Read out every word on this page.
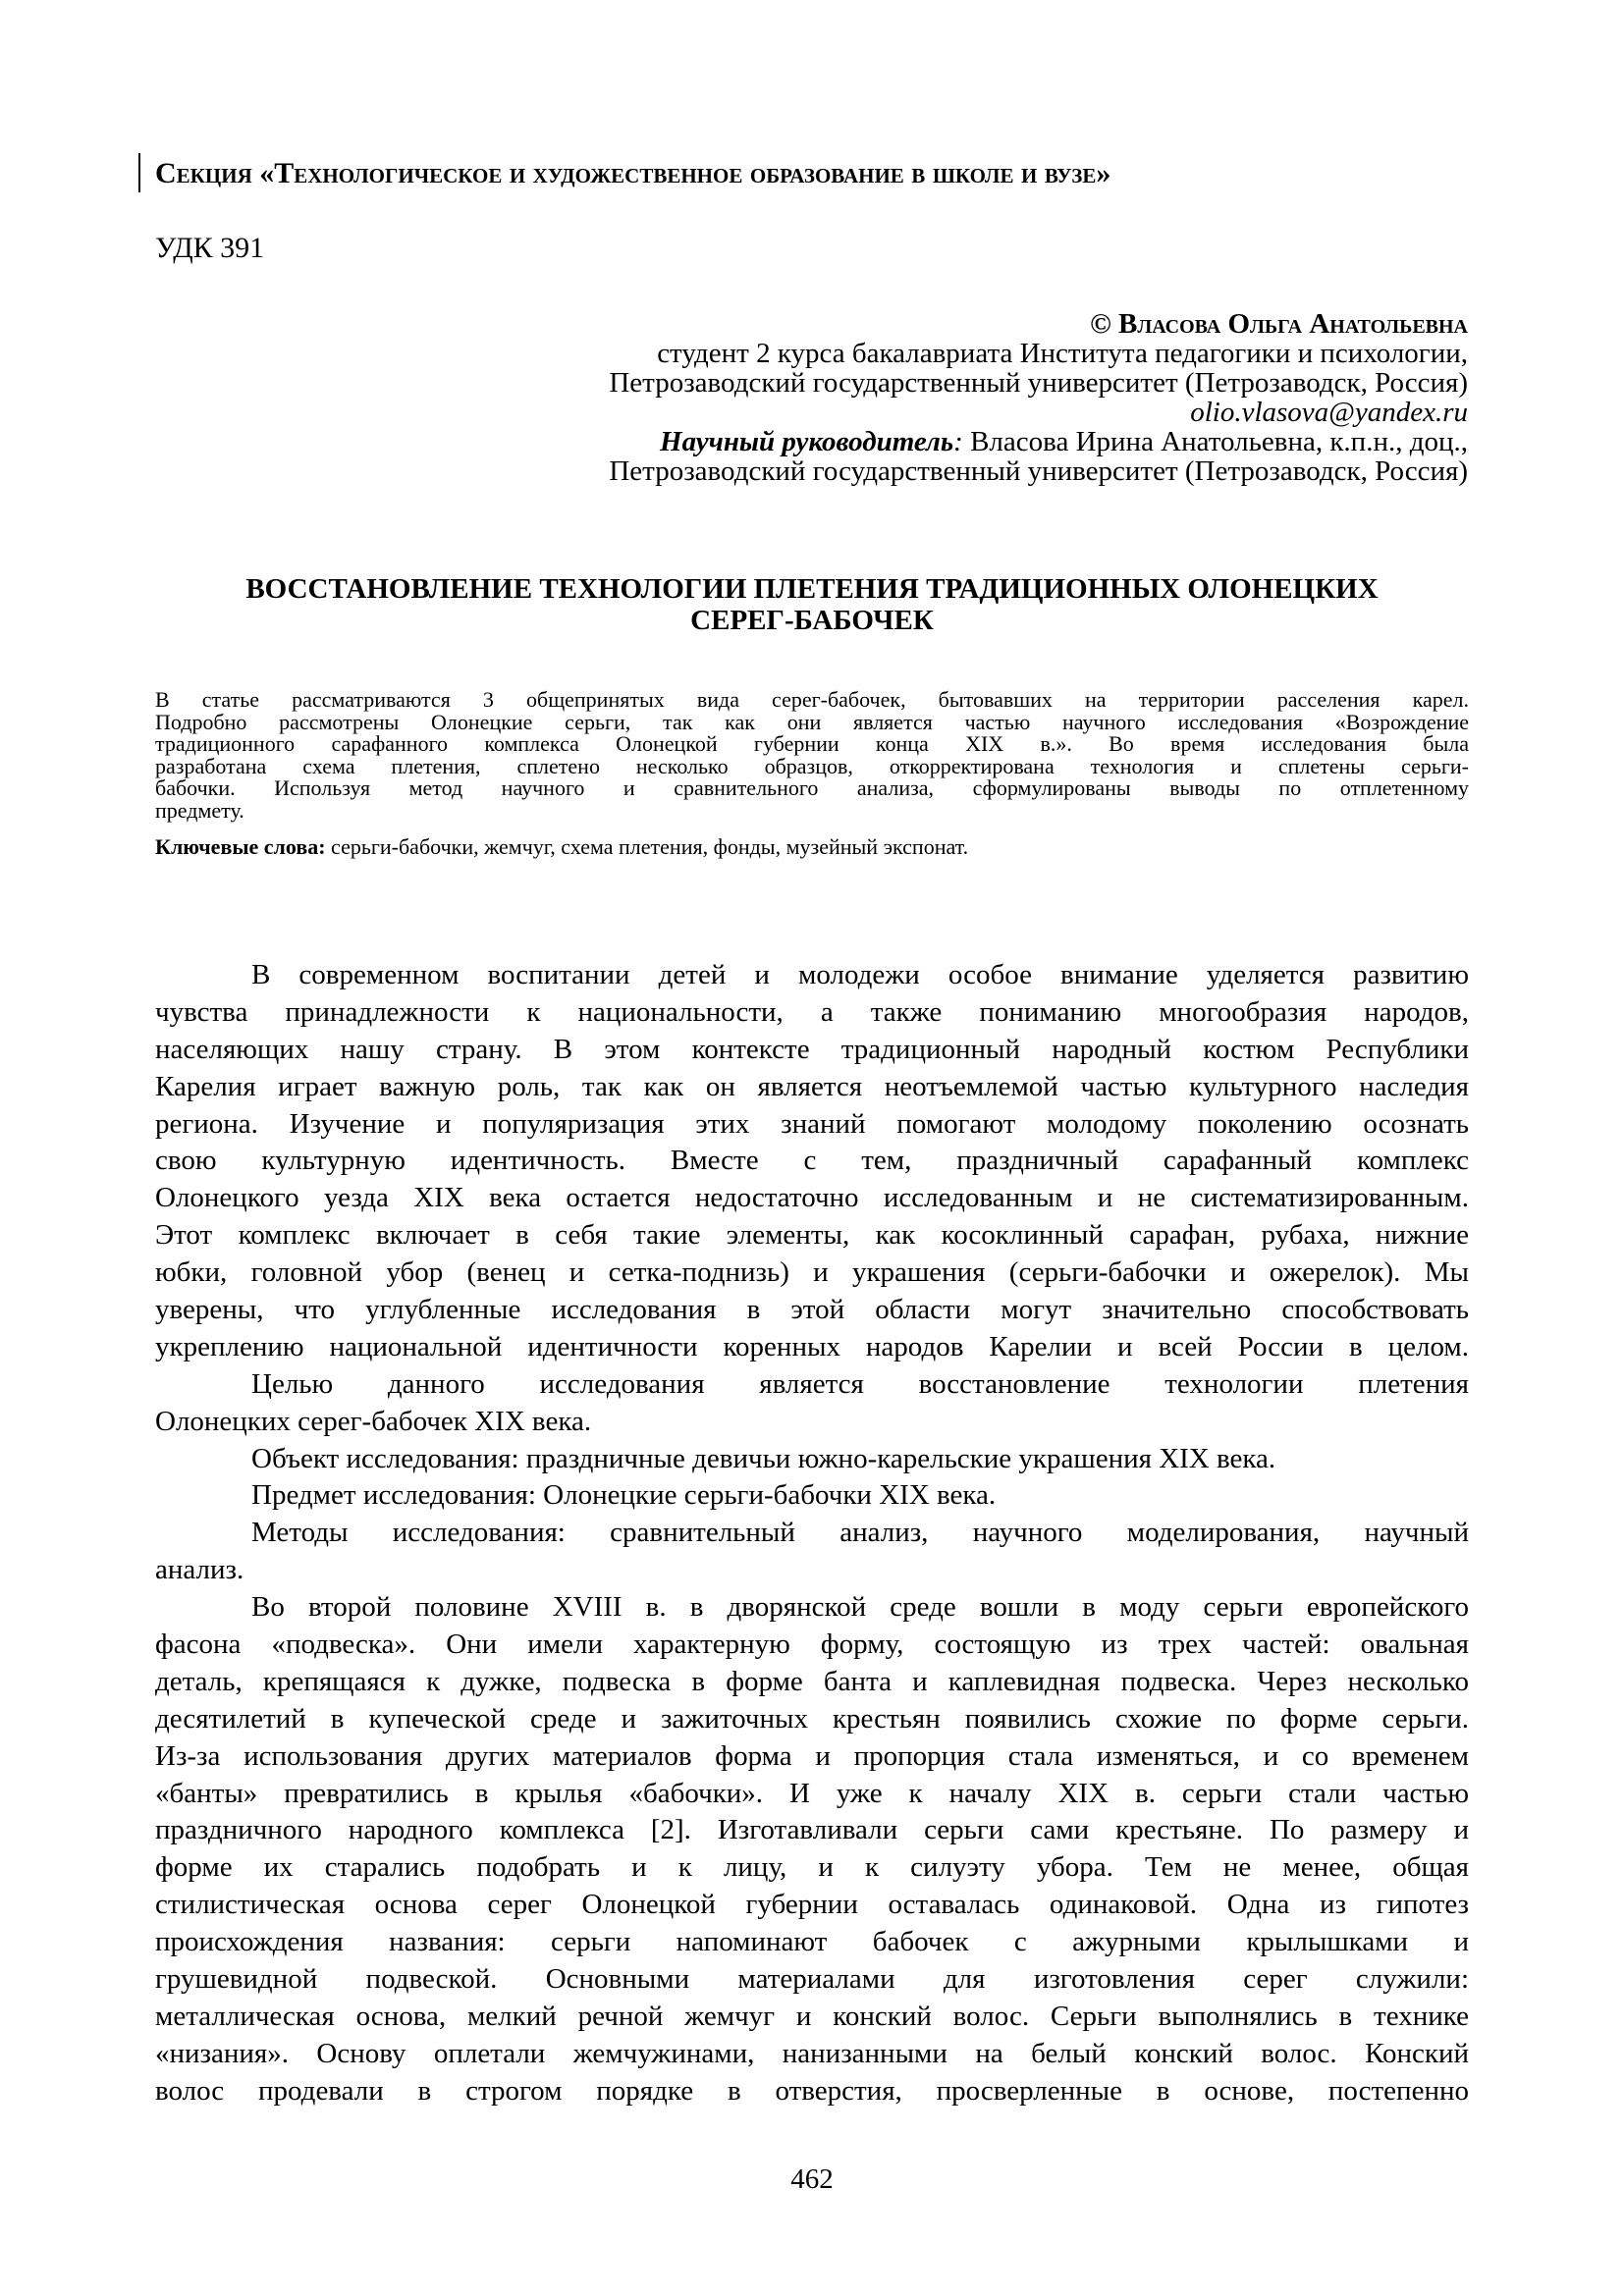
Секция «Технологическое и художественное образование в школе и вузе»
УДК 391
© Власова Ольга Анатольевна
студент 2 курса бакалавриата Института педагогики и психологии,
Петрозаводский государственный университет (Петрозаводск, Россия)
olio.vlasova@yandex.ru
Научный руководитель: Власова Ирина Анатольевна, к.п.н., доц.,
Петрозаводский государственный университет (Петрозаводск, Россия)
ВОССТАНОВЛЕНИЕ ТЕХНОЛОГИИ ПЛЕТЕНИЯ ТРАДИЦИОННЫХ ОЛОНЕЦКИХ
СЕРЕГ-БАБОЧЕК
В статье рассматриваются 3 общепринятых вида серег-бабочек, бытовавших на территории расселения карел.
Подробно рассмотрены Олонецкие серьги, так как они является частью научного исследования «Возрождение
традиционного сарафанного комплекса Олонецкой губернии конца XIX в.». Во время исследования была
разработана схема плетения, сплетено несколько образцов, откорректирована технология и сплетены серьги-
бабочки. Используя метод научного и сравнительного анализа, сформулированы выводы по отплетенному
предмету.
Ключевые слова: серьги-бабочки, жемчуг, схема плетения, фонды, музейный экспонат.
В современном воспитании детей и молодежи особое внимание уделяется развитию
чувства принадлежности к национальности, а также пониманию многообразия народов,
населяющих нашу страну. В этом контексте традиционный народный костюм Республики
Карелия играет важную роль, так как он является неотъемлемой частью культурного наследия
региона. Изучение и популяризация этих знаний помогают молодому поколению осознать
свою культурную идентичность. Вместе с тем, праздничный сарафанный комплекс
Олонецкого уезда XIX века остается недостаточно исследованным и не систематизированным.
Этот комплекс включает в себя такие элементы, как косоклинный сарафан, рубаха, нижние
юбки, головной убор (венец и сетка-поднизь) и украшения (серьги-бабочки и ожерелок). Мы
уверены, что углубленные исследования в этой области могут значительно способствовать
укреплению национальной идентичности коренных народов Карелии и всей России в целом.
Целью данного исследования является восстановление технологии плетения
Олонецких серег-бабочек XIX века.
Объект исследования: праздничные девичьи южно-карельские украшения XIX века.
Предмет исследования: Олонецкие серьги-бабочки XIX века.
Методы исследования: сравнительный анализ, научного моделирования, научный
анализ.
Во второй половине XVIII в. в дворянской среде вошли в моду серьги европейского
фасона «подвеска». Они имели характерную форму, состоящую из трех частей: овальная
деталь, крепящаяся к дужке, подвеска в форме банта и каплевидная подвеска. Через несколько
десятилетий в купеческой среде и зажиточных крестьян появились схожие по форме серьги.
Из-за использования других материалов форма и пропорция стала изменяться, и со временем
«банты» превратились в крылья «бабочки». И уже к началу XIX в. серьги стали частью
праздничного народного комплекса [2]. Изготавливали серьги сами крестьяне. По размеру и
форме их старались подобрать и к лицу, и к силуэту убора. Тем не менее, общая
стилистическая основа серег Олонецкой губернии оставалась одинаковой. Одна из гипотез
происхождения названия: серьги напоминают бабочек с ажурными крылышками и
грушевидной подвеской. Основными материалами для изготовления серег служили:
металлическая основа, мелкий речной жемчуг и конский волос. Серьги выполнялись в технике
«низания». Основу оплетали жемчужинами, нанизанными на белый конский волос. Конский
волос продевали в строгом порядке в отверстия, просверленные в основе, постепенно
462
